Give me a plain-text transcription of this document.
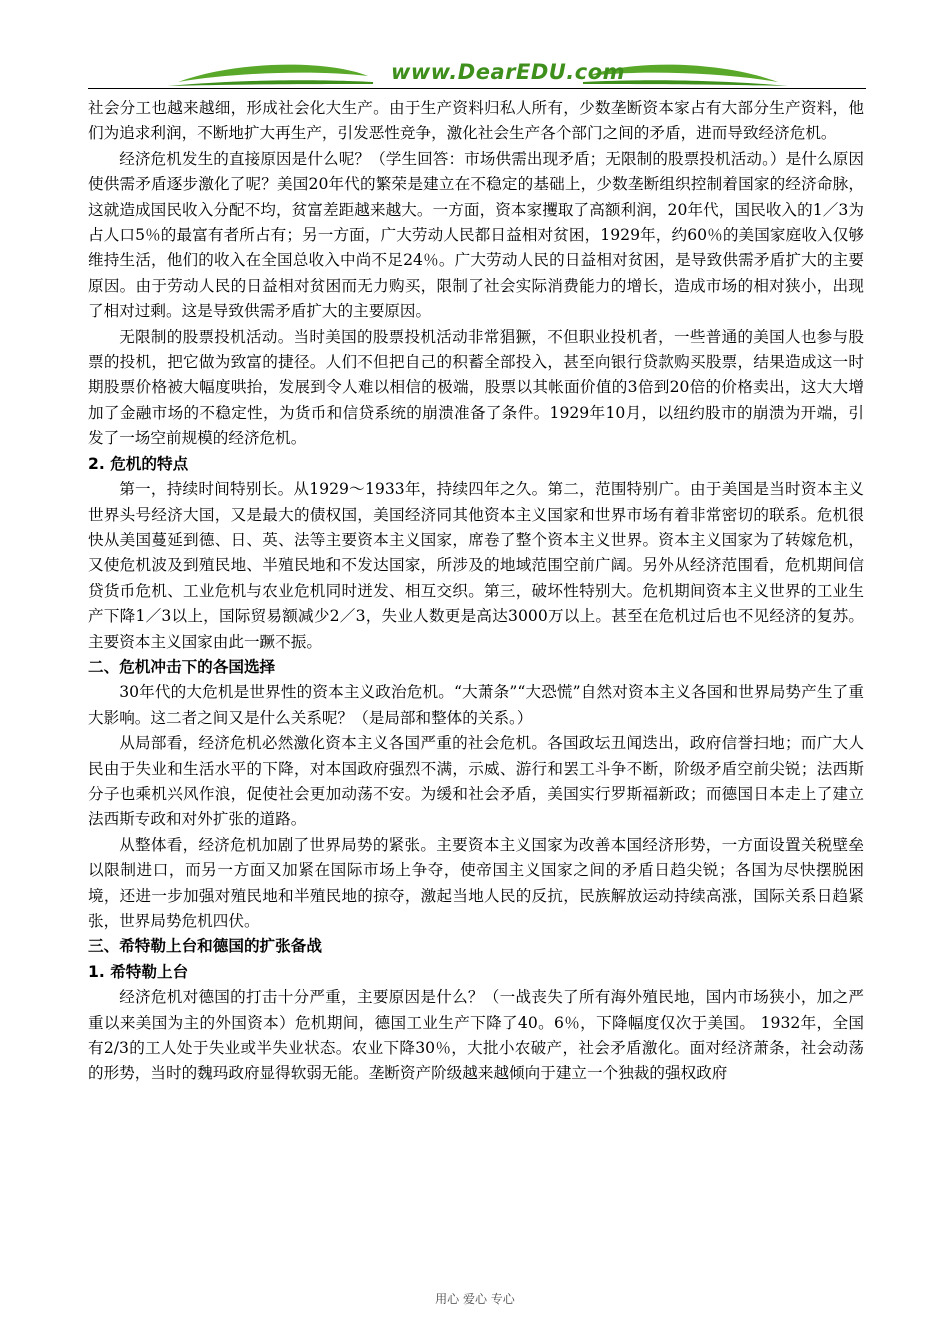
www.DearEDU.com

社会分工也越来越细，形成社会化大生产。由于生产资料归私人所有，少数垄断资本家占有大部分生产资料，他们为追求利润，不断地扩大再生产，引发恶性竞争，激化社会生产各个部门之间的矛盾，进而导致经济危机。

经济危机发生的直接原因是什么呢？（学生回答：市场供需出现矛盾；无限制的股票投机活动。）是什么原因使供需矛盾逐步激化了呢？美国20年代的繁荣是建立在不稳定的基础上，少数垄断组织控制着国家的经济命脉，这就造成国民收入分配不均，贫富差距越来越大。一方面，资本家攫取了高额利润，20年代，国民收入的1／3为占人口5％的最富有者所占有；另一方面，广大劳动人民都日益相对贫困，1929年，约60％的美国家庭收入仅够维持生活，他们的收入在全国总收入中尚不足24％。广大劳动人民的日益相对贫困，是导致供需矛盾扩大的主要原因。由于劳动人民的日益相对贫困而无力购买，限制了社会实际消费能力的增长，造成市场的相对狭小，出现了相对过剩。这是导致供需矛盾扩大的主要原因。

无限制的股票投机活动。当时美国的股票投机活动非常猖獗，不但职业投机者，一些普通的美国人也参与股票的投机，把它做为致富的捷径。人们不但把自己的积蓄全部投入，甚至向银行贷款购买股票，结果造成这一时期股票价格被大幅度哄抬，发展到令人难以相信的极端，股票以其帐面价值的3倍到20倍的价格卖出，这大大增加了金融市场的不稳定性，为货币和信贷系统的崩溃准备了条件。1929年10月，以纽约股市的崩溃为开端，引发了一场空前规模的经济危机。

2. 危机的特点

第一，持续时间特别长。从1929～1933年，持续四年之久。第二，范围特别广。由于美国是当时资本主义世界头号经济大国，又是最大的债权国，美国经济同其他资本主义国家和世界市场有着非常密切的联系。危机很快从美国蔓延到德、日、英、法等主要资本主义国家，席卷了整个资本主义世界。资本主义国家为了转嫁危机，又使危机波及到殖民地、半殖民地和不发达国家，所涉及的地域范围空前广阔。另外从经济范围看，危机期间信贷货币危机、工业危机与农业危机同时迸发、相互交织。第三，破坏性特别大。危机期间资本主义世界的工业生产下降1／3以上，国际贸易额减少2／3，失业人数更是高达3000万以上。甚至在危机过后也不见经济的复苏。主要资本主义国家由此一蹶不振。

二、危机冲击下的各国选择

30年代的大危机是世界性的资本主义政治危机。“大萧条”“大恐慌”自然对资本主义各国和世界局势产生了重大影响。这二者之间又是什么关系呢？（是局部和整体的关系。）

从局部看，经济危机必然激化资本主义各国严重的社会危机。各国政坛丑闻迭出，政府信誉扫地；而广大人民由于失业和生活水平的下降，对本国政府强烈不满，示威、游行和罢工斗争不断，阶级矛盾空前尖锐；法西斯分子也乘机兴风作浪，促使社会更加动荡不安。为缓和社会矛盾，美国实行罗斯福新政；而德国日本走上了建立法西斯专政和对外扩张的道路。

从整体看，经济危机加剧了世界局势的紧张。主要资本主义国家为改善本国经济形势，一方面设置关税壁垒以限制进口，而另一方面又加紧在国际市场上争夺，使帝国主义国家之间的矛盾日趋尖锐；各国为尽快摆脱困境，还进一步加强对殖民地和半殖民地的掠夺，激起当地人民的反抗，民族解放运动持续高涨，国际关系日趋紧张，世界局势危机四伏。

三、希特勒上台和德国的扩张备战
1. 希特勒上台

经济危机对德国的打击十分严重，主要原因是什么？（一战丧失了所有海外殖民地，国内市场狭小，加之严重以来美国为主的外国资本）危机期间，德国工业生产下降了40。6％，下降幅度仅次于美国。 1932年，全国有2/3的工人处于失业或半失业状态。农业下降30％，大批小农破产，社会矛盾激化。面对经济萧条，社会动荡的形势，当时的魏玛政府显得软弱无能。垄断资产阶级越来越倾向于建立一个独裁的强权政府

用心 爱心 专心
